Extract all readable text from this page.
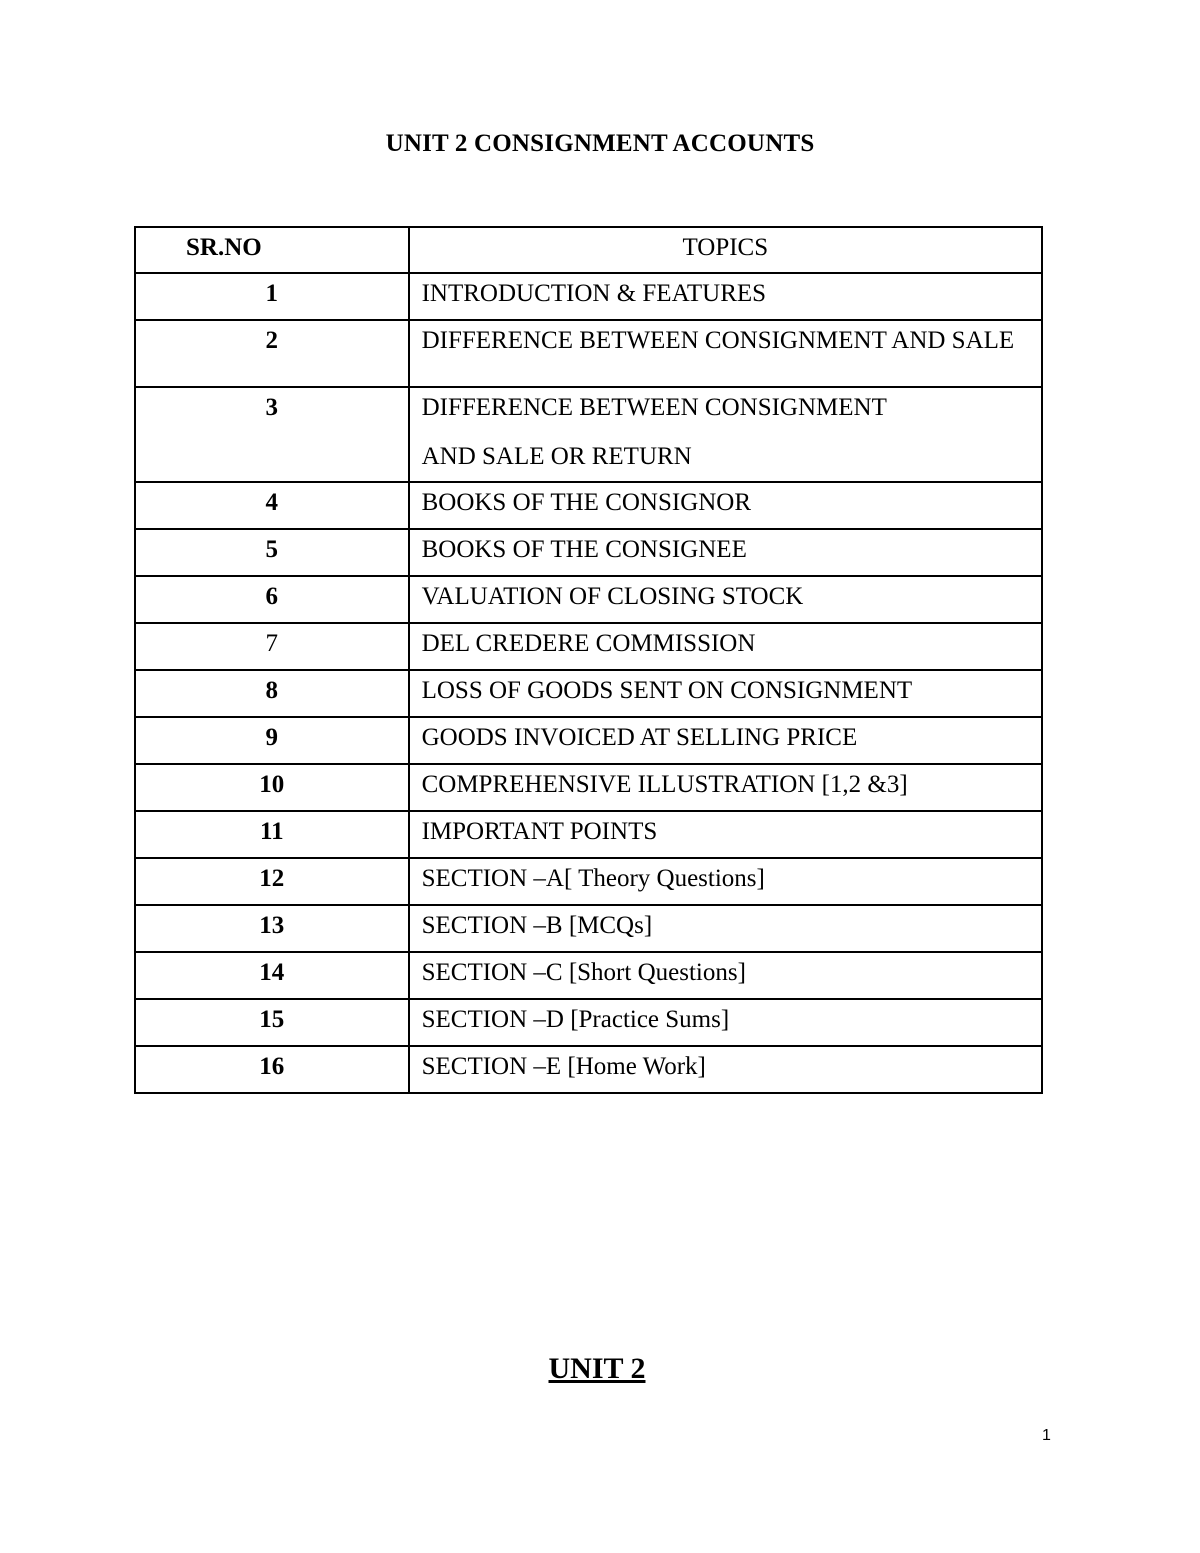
UNIT 2 CONSIGNMENT ACCOUNTS
SR.NO	TOPICS
1	INTRODUCTION & FEATURES
2	DIFFERENCE BETWEEN CONSIGNMENT AND SALE
3	DIFFERENCE BETWEEN CONSIGNMENT
AND SALE OR RETURN

4	BOOKS OF THE CONSIGNOR
5	BOOKS OF THE CONSIGNEE
6	VALUATION OF CLOSING STOCK
7	DEL CREDERE COMMISSION
8	LOSS OF GOODS SENT ON CONSIGNMENT
9	GOODS INVOICED AT SELLING PRICE
10	COMPREHENSIVE ILLUSTRATION [1,2 &3]
11	IMPORTANT POINTS
12	SECTION –A[ Theory Questions]
13	SECTION –B [MCQs]
14	SECTION –C [Short Questions]
15	SECTION –D [Practice Sums]
16	SECTION –E [Home Work]
UNIT 2
1
